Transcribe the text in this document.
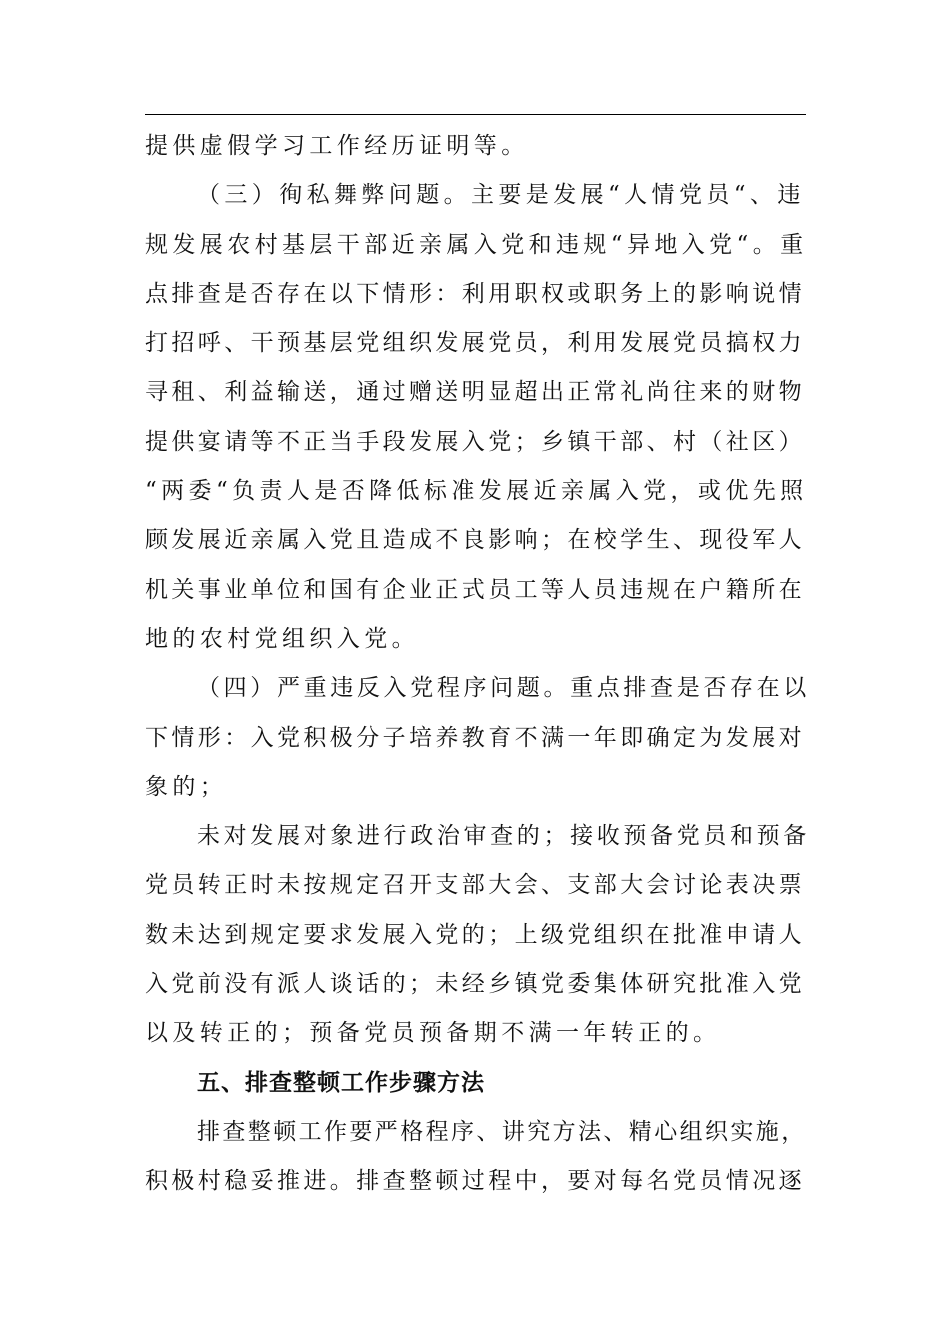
提供虚假学习工作经历证明等。
（三）徇私舞弊问题。主要是发展“人情党员“、违
规发展农村基层干部近亲属入党和违规“异地入党“。重
点排查是否存在以下情形：利用职权或职务上的影响说情
打招呼、干预基层党组织发展党员，利用发展党员搞权力
寻租、利益输送，通过赠送明显超出正常礼尚往来的财物
提供宴请等不正当手段发展入党；乡镇干部、村（社区）
“两委“负责人是否降低标准发展近亲属入党，或优先照
顾发展近亲属入党且造成不良影响；在校学生、现役军人
机关事业单位和国有企业正式员工等人员违规在户籍所在
地的农村党组织入党。
（四）严重违反入党程序问题。重点排查是否存在以
下情形：入党积极分子培养教育不满一年即确定为发展对
象的；
未对发展对象进行政治审查的；接收预备党员和预备
党员转正时未按规定召开支部大会、支部大会讨论表决票
数未达到规定要求发展入党的；上级党组织在批准申请人
入党前没有派人谈话的；未经乡镇党委集体研究批准入党
以及转正的；预备党员预备期不满一年转正的。
五、排查整顿工作步骤方法
排查整顿工作要严格程序、讲究方法、精心组织实施，
积极村稳妥推进。排查整顿过程中，要对每名党员情况逐
